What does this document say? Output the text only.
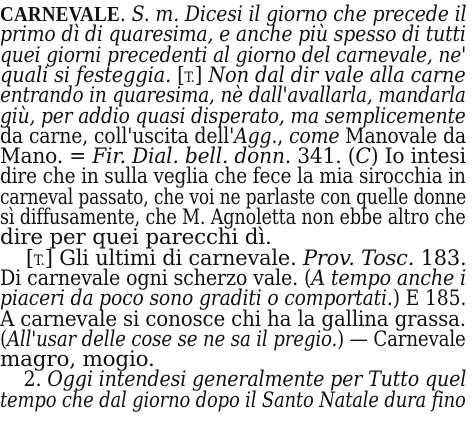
CARNEVALE. S. m. Dicesi il giorno che precede il
primo dì di quaresima, e anche più spesso di tutti
quei giorni precedenti al giorno del carnevale, ne'
quali si festeggia. [T.] Non dal dir vale alla carne
entrando in quaresima, nè dall'avallarla, mandarla
giù, per addio quasi disperato, ma semplicemente
da carne, coll'uscita dell'Agg., come Manovale da
Mano. = Fir. Dial. bell. donn. 341. (C) Io intesi
dire che in sulla veglia che fece la mia sirocchia in
carneval passato, che voi ne parlaste con quelle donne
sì diffusamente, che M. Agnoletta non ebbe altro che
dire per quei parecchi dì.
[T.] Gli ultimi di carnevale. Prov. Tosc. 183.
Di carnevale ogni scherzo vale. (A tempo anche i
piaceri da poco sono graditi o comportati.) E 185.
A carnevale si conosce chi ha la gallina grassa.
(All'usar delle cose se ne sa il pregio.) — Carnevale
magro, mogio.
2. Oggi intendesi generalmente per Tutto quel
tempo che dal giorno dopo il Santo Natale dura fino
